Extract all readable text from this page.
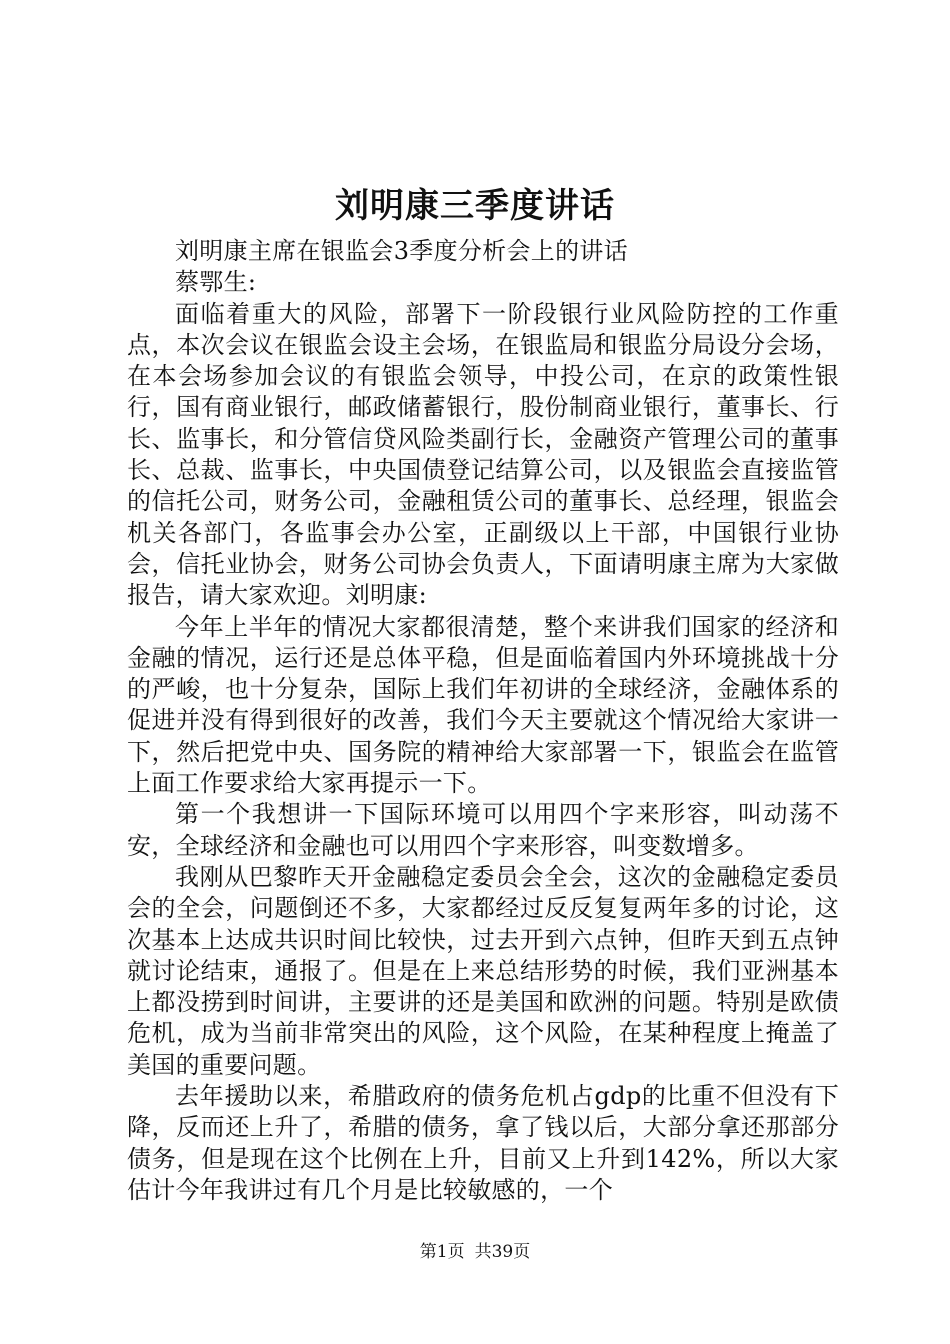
刘明康三季度讲话

刘明康主席在银监会3季度分析会上的讲话

蔡鄂生:

面临着重大的风险，部署下一阶段银行业风险防控的工作重点，本次会议在银监会设主会场，在银监局和银监分局设分会场，在本会场参加会议的有银监会领导，中投公司，在京的政策性银行，国有商业银行，邮政储蓄银行，股份制商业银行，董事长、行长、监事长，和分管信贷风险类副行长，金融资产管理公司的董事长、总裁、监事长，中央国债登记结算公司，以及银监会直接监管的信托公司，财务公司，金融租赁公司的董事长、总经理，银监会机关各部门，各监事会办公室，正副级以上干部，中国银行业协会，信托业协会，财务公司协会负责人，下面请明康主席为大家做报告，请大家欢迎。刘明康:

今年上半年的情况大家都很清楚，整个来讲我们国家的经济和金融的情况，运行还是总体平稳，但是面临着国内外环境挑战十分的严峻，也十分复杂，国际上我们年初讲的全球经济，金融体系的促进并没有得到很好的改善，我们今天主要就这个情况给大家讲一下，然后把党中央、国务院的精神给大家部署一下，银监会在监管上面工作要求给大家再提示一下。

第一个我想讲一下国际环境可以用四个字来形容，叫动荡不安，全球经济和金融也可以用四个字来形容，叫变数增多。

我刚从巴黎昨天开金融稳定委员会全会，这次的金融稳定委员会的全会，问题倒还不多，大家都经过反反复复两年多的讨论，这次基本上达成共识时间比较快，过去开到六点钟，但昨天到五点钟就讨论结束，通报了。但是在上来总结形势的时候，我们亚洲基本上都没捞到时间讲，主要讲的还是美国和欧洲的问题。特别是欧债危机，成为当前非常突出的风险，这个风险，在某种程度上掩盖了美国的重要问题。

去年援助以来，希腊政府的债务危机占gdp的比重不但没有下降，反而还上升了，希腊的债务，拿了钱以后，大部分拿还那部分债务，但是现在这个比例在上升，目前又上升到142%，所以大家估计今年我讲过有几个月是比较敏感的，一个

第1页 共39页
